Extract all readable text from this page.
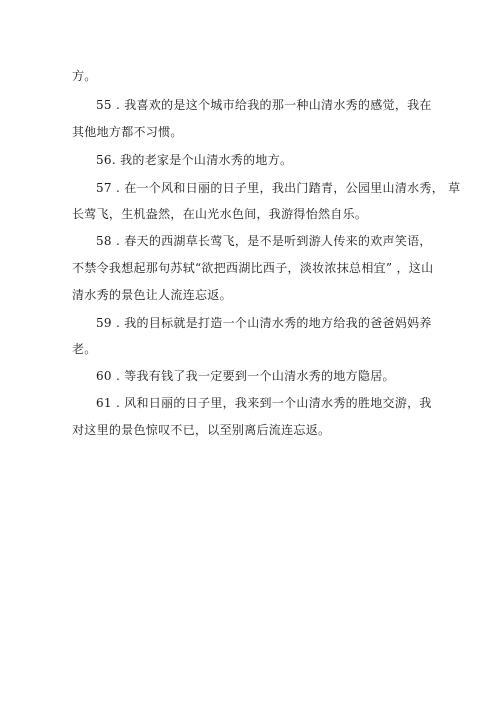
方。
55 . 我喜欢的是这个城市给我的那一种山清水秀的感觉，我在
其他地方都不习惯。
56. 我的老家是个山清水秀的地方。
57 . 在一个风和日丽的日子里，我出门踏青，公园里山清水秀， 草
长莺飞，生机盎然，在山光水色间，我游得怡然自乐。
58 . 春天的西湖草长莺飞，是不是听到游人传来的欢声笑语，
不禁令我想起那句苏轼“欲把西湖比西子，淡妆浓抹总相宜” ，这山
清水秀的景色让人流连忘返。
59 . 我的目标就是打造一个山清水秀的地方给我的爸爸妈妈养
老。
60 . 等我有钱了我一定要到一个山清水秀的地方隐居。
61 . 风和日丽的日子里，我来到一个山清水秀的胜地交游，我
对这里的景色惊叹不已，以至别离后流连忘返。
